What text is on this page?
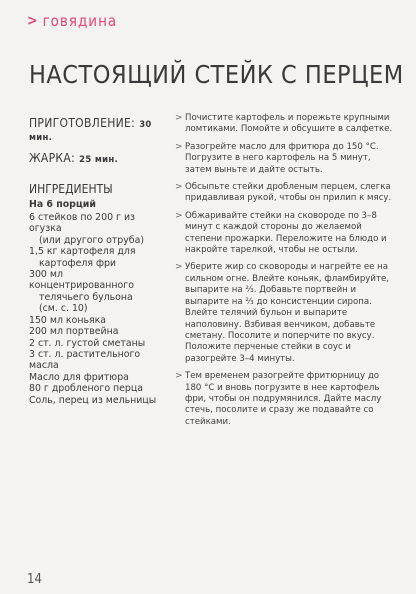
> говядина
НАСТОЯЩИЙ СТЕЙК С ПЕРЦЕМ
ПРИГОТОВЛЕНИЕ: 30 мин.
ЖАРКА: 25 мин.
ИНГРЕДИЕНТЫ
На 6 порций
6 стейков по 200 г из огузка
(или другого отруба)
1,5 кг картофеля для
картофеля фри
300 мл концентрированного
телячьего бульона
(см. с. 10)
150 мл коньяка
200 мл портвейна
2 ст. л. густой сметаны
3 ст. л. растительного масла
Масло для фритюра
80 г дробленого перца
Соль, перец из мельницы
> Почистите картофель и порежьте крупными ломтиками. Помойте и обсушите в салфетке.
> Разогрейте масло для фритюра до 150 °С. Погрузите в него картофель на 5 минут, затем выньте и дайте остыть.
> Обсыпьте стейки дробленым перцем, слегка придавливая рукой, чтобы он прилип к мясу.
> Обжаривайте стейки на сковороде по 3–8 минут с каждой стороны до желаемой степени прожарки. Переложите на блюдо и накройте тарелкой, чтобы не остыли.
> Уберите жир со сковороды и нагрейте ее на сильном огне. Влейте коньяк, фламбируйте, выпарите на ⅔. Добавьте портвейн и выпарите на ⅔ до консистенции сиропа. Влейте телячий бульон и выпарите наполовину. Взбивая венчиком, добавьте сметану. Посолите и поперчите по вкусу. Положите перченые стейки в соус и разогрейте 3–4 минуты.
> Тем временем разогрейте фритюрницу до 180 °С и вновь погрузите в нее картофель фри, чтобы он подрумянился. Дайте маслу стечь, посолите и сразу же подавайте со стейками.
14
